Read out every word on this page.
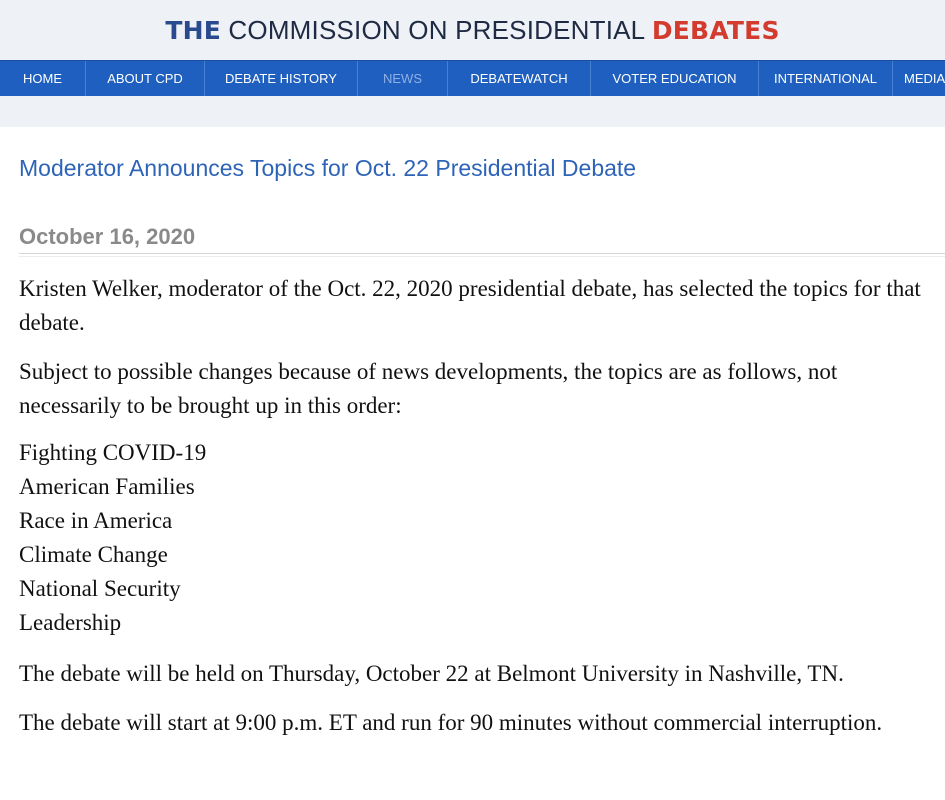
THE COMMISSION ON PRESIDENTIAL DEBATES
HOME	ABOUT CPD	DEBATE HISTORY	NEWS	DEBATEWATCH	VOTER EDUCATION	INTERNATIONAL	MEDIA
Moderator Announces Topics for Oct. 22 Presidential Debate
October 16, 2020
Kristen Welker, moderator of the Oct. 22, 2020 presidential debate, has selected the topics for that debate.
Subject to possible changes because of news developments, the topics are as follows, not necessarily to be brought up in this order:
Fighting COVID-19
American Families
Race in America
Climate Change
National Security
Leadership
The debate will be held on Thursday, October 22 at Belmont University in Nashville, TN.
The debate will start at 9:00 p.m. ET and run for 90 minutes without commercial interruption.
